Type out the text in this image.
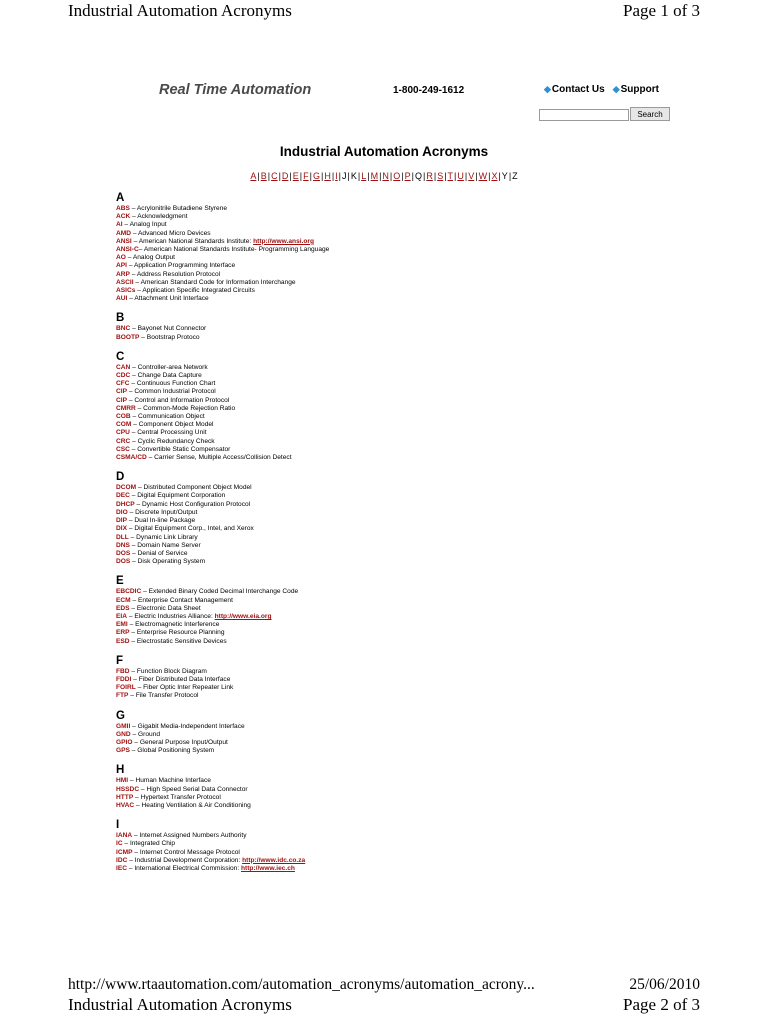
Industrial Automation Acronyms	Page 1 of 3
Real Time Automation	1-800-249-1612	◆Contact Us ◆Support
Search
Industrial Automation Acronyms
A|B|C|D|E|F|G|H|I|J|K|L|M|N|O|P|Q|R|S|T|U|V|W|X|Y|Z
A
ABS – Acrylonitrile Butadiene Styrene
ACK – Acknowledgment
AI – Analog Input
AMD – Advanced Micro Devices
ANSI – American National Standards Institute: http://www.ansi.org
ANSI-C– American National Standards Institute- Programming Language
AO – Analog Output
API – Application Programming Interface
ARP – Address Resolution Protocol
ASCII – American Standard Code for Information Interchange
ASICs – Application Specific Integrated Circuits
AUI – Attachment Unit Interface
B
BNC – Bayonet Nut Connector
BOOTP – Bootstrap Protoco
C
CAN – Controller-area Network
CDC – Change Data Capture
CFC – Continuous Function Chart
CIP – Common Industrial Protocol
CIP – Control and Information Protocol
CMRR – Common-Mode Rejection Ratio
COB – Communication Object
COM – Component Object Model
CPU – Central Processing Unit
CRC – Cyclic Redundancy Check
CSC – Convertible Static Compensator
CSMA/CD – Carrier Sense, Multiple Access/Collision Detect
D
DCOM – Distributed Component Object Model
DEC – Digital Equipment Corporation
DHCP – Dynamic Host Configuration Protocol
DIO – Discrete Input/Output
DIP – Dual In-line Package
DIX – Digital Equipment Corp., Intel, and Xerox
DLL – Dynamic Link Library
DNS – Domain Name Server
DOS – Denial of Service
DOS – Disk Operating System
E
EBCDIC – Extended Binary Coded Decimal Interchange Code
ECM – Enterprise Contact Management
EDS – Electronic Data Sheet
EIA – Electric Industries Alliance: http://www.eia.org
EMI – Electromagnetic Interference
ERP – Enterprise Resource Planning
ESD – Electrostatic Sensitive Devices
F
FBD – Function Block Diagram
FDDI – Fiber Distributed Data Interface
FOIRL – Fiber Optic Inter Repeater Link
FTP – File Transfer Protocol
G
GMII – Gigabit Media-Independent Interface
GND – Ground
GPIO – General Purpose Input/Output
GPS – Global Positioning System
H
HMI – Human Machine Interface
HSSDC – High Speed Serial Data Connector
HTTP – Hypertext Transfer Protocol
HVAC – Heating Ventilation & Air Conditioning
I
IANA – Internet Assigned Numbers Authority
IC – Integrated Chip
ICMP – Internet Control Message Protocol
IDC – Industrial Development Corporation: http://www.idc.co.za
IEC – International Electrical Commission: http://www.iec.ch
http://www.rtaautomation.com/automation_acronyms/automation_acrony...	25/06/2010
Industrial Automation Acronyms	Page 2 of 3
